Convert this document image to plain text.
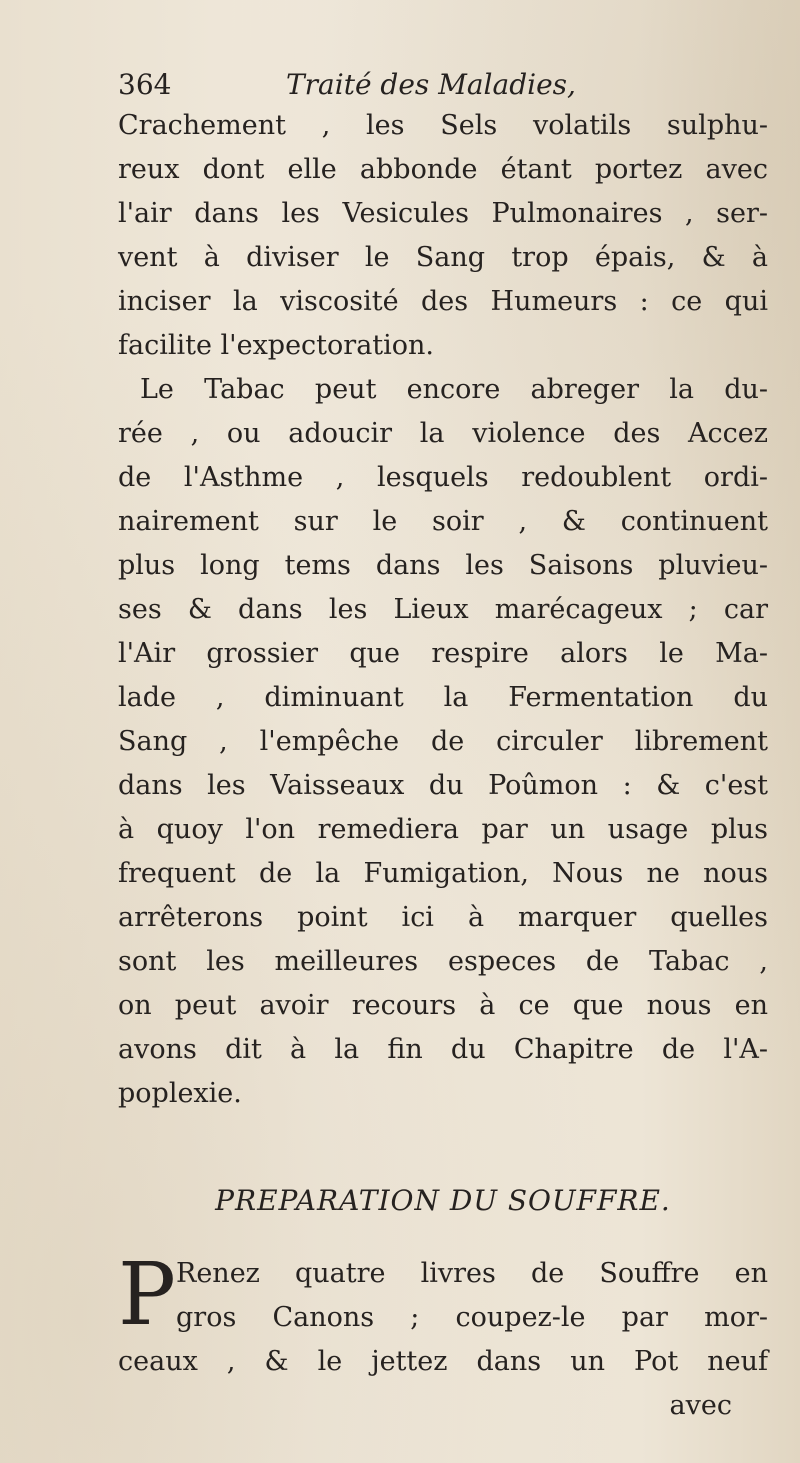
364	Traité des Maladies,
Crachement , les Sels volatils sulphu-
reux dont elle abbonde étant portez avec
l'air dans les Vesicules Pulmonaires , ser-
vent à diviser le Sang trop épais, & à
inciser la viscosité des Humeurs : ce qui
facilite l'expectoration.
Le Tabac peut encore abreger la du-
rée , ou adoucir la violence des Accez
de l'Asthme , lesquels redoublent ordi-
nairement sur le soir , & continuent
plus long tems dans les Saisons pluvieu-
ses & dans les Lieux marécageux ; car
l'Air grossier que respire alors le Ma-
lade , diminuant la Fermentation du
Sang , l'empêche de circuler librement
dans les Vaisseaux du Poûmon : & c'est
à quoy l'on remediera par un usage plus
frequent de la Fumigation, Nous ne nous
arrêterons point ici à marquer quelles
sont les meilleures especes de Tabac ,
on peut avoir recours à ce que nous en
avons dit à la fin du Chapitre de l'A-
poplexie.
PREPARATION DU SOUFFRE.
P Renez quatre livres de Souffre en
gros Canons ; coupez-le par mor-
ceaux , & le jettez dans un Pot neuf
avec
